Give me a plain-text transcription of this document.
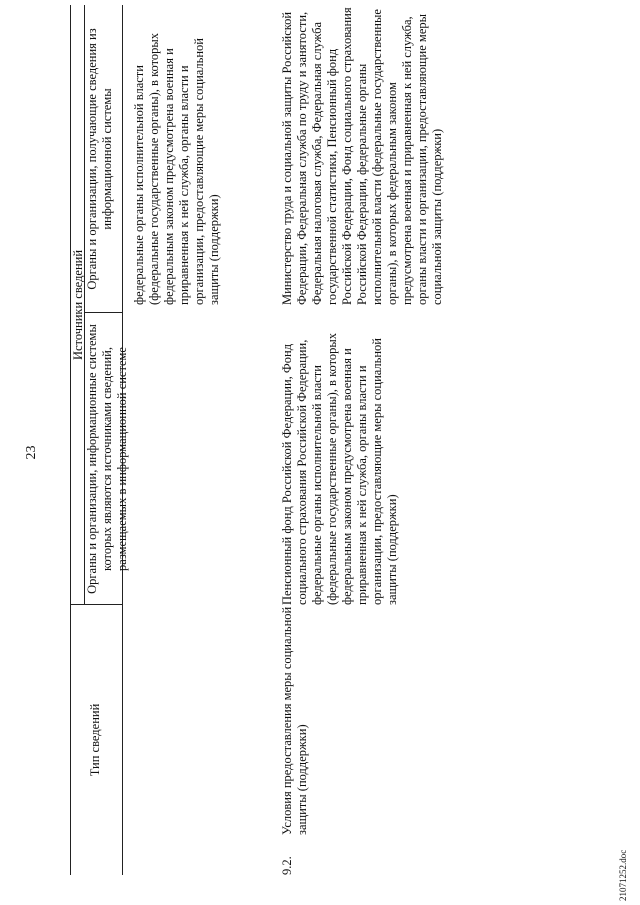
23
Тип сведений
Источники сведений
Органы и организации, информационные системы которых являются источниками сведений, размещаемых в информационной системе
Органы и организации, получающие сведения из информационной системы федеральные органы исполнительной власти (федеральные государственные органы), в которых федеральным законом предусмотрена военная и приравненная к ней служба, органы власти и организации, предоставляющие меры социальной защиты (поддержки)
9.2.
Условия предоставления меры социальной защиты (поддержки)
Пенсионный фонд Российской Федерации, Фонд социального страхования Российской Федерации, федеральные органы исполнительной власти (федеральные государственные органы), в которых федеральным законом предусмотрена военная и приравненная к ней служба, органы власти и организации, предоставляющие меры социальной защиты (поддержки)
Министерство труда и социальной защиты Российской Федерации, Федеральная служба по труду и занятости, Федеральная налоговая служба, Федеральная служба государственной статистики, Пенсионный фонд Российской Федерации, Фонд социального страхования Российской Федерации, федеральные органы исполнительной власти (федеральные государственные органы), в которых федеральным законом предусмотрена военная и приравненная к ней служба, органы власти и организации, предоставляющие меры социальной защиты (поддержки)
21071252.doc
